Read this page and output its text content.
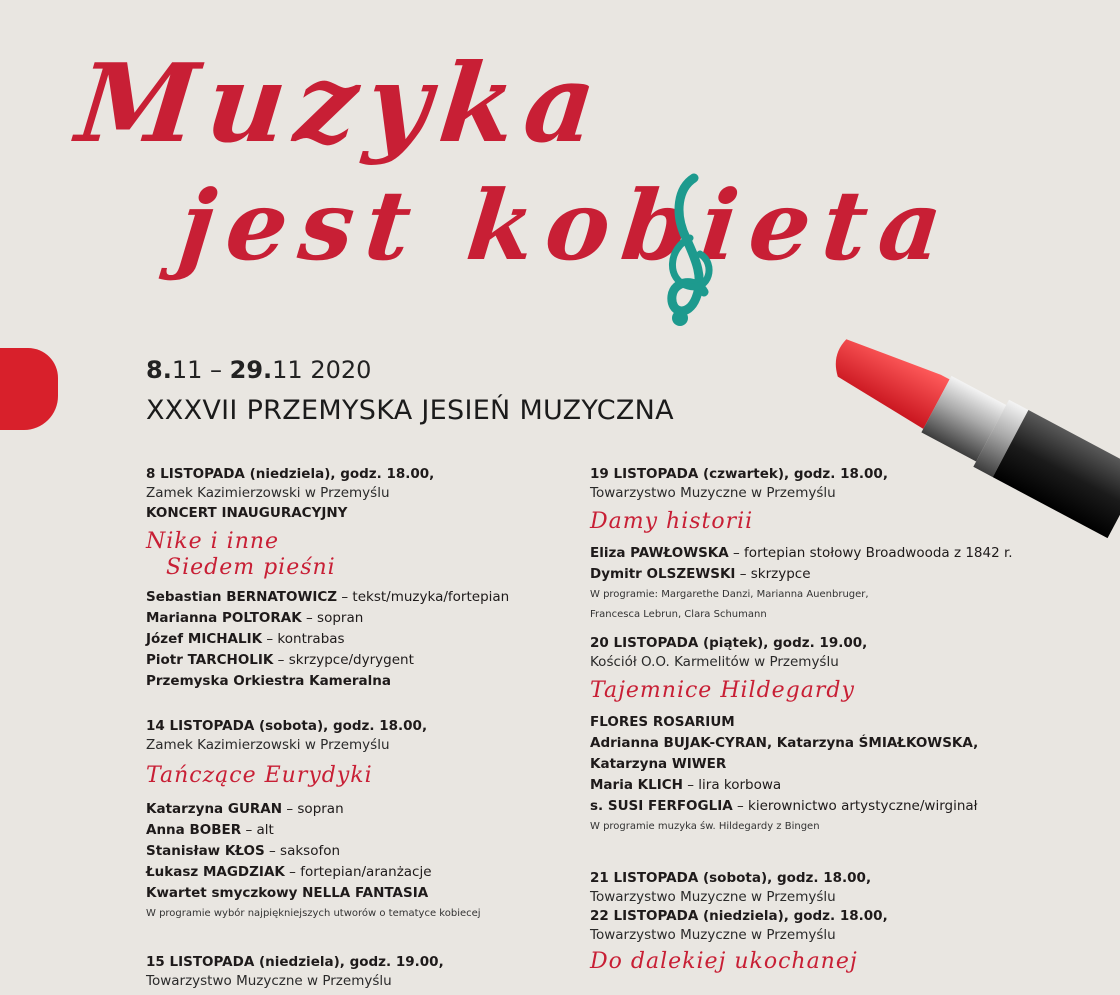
Muzyka
jest kobieta
8.11 – 29.11 2020
XXXVII PRZEMYSKA JESIEŃ MUZYCZNA
8 LISTOPADA (niedziela), godz. 18.00,
Zamek Kazimierzowski w Przemyślu
KONCERT INAUGURACYJNY
Nike i inne
Siedem pieśni
Sebastian BERNATOWICZ – tekst/muzyka/fortepian
Marianna POLTORAK – sopran
Józef MICHALIK – kontrabas
Piotr TARCHOLIK – skrzypce/dyrygent
Przemyska Orkiestra Kameralna
14 LISTOPADA (sobota), godz. 18.00,
Zamek Kazimierzowski w Przemyślu
Tańczące Eurydyki
Katarzyna GURAN – sopran
Anna BOBER – alt
Stanisław KŁOS – saksofon
Łukasz MAGDZIAK – fortepian/aranżacje
Kwartet smyczkowy NELLA FANTASIA
W programie wybór najpiękniejszych utworów o tematyce kobiecej
15 LISTOPADA (niedziela), godz. 19.00,
Towarzystwo Muzyczne w Przemyślu
19 LISTOPADA (czwartek), godz. 18.00,
Towarzystwo Muzyczne w Przemyślu
Damy historii
Eliza PAWŁOWSKA – fortepian stołowy Broadwooda z 1842 r.
Dymitr OLSZEWSKI – skrzypce
W programie: Margarethe Danzi, Marianna Auenbruger,
Francesca Lebrun, Clara Schumann
20 LISTOPADA (piątek), godz. 19.00,
Kościół O.O. Karmelitów w Przemyślu
Tajemnice Hildegardy
FLORES ROSARIUM
Adrianna BUJAK-CYRAN, Katarzyna ŚMIAŁKOWSKA,
Katarzyna WIWER
Maria KLICH – lira korbowa
s. SUSI FERFOGLIA – kierownictwo artystyczne/wirginał
W programie muzyka św. Hildegardy z Bingen
21 LISTOPADA (sobota), godz. 18.00,
Towarzystwo Muzyczne w Przemyślu
22 LISTOPADA (niedziela), godz. 18.00,
Towarzystwo Muzyczne w Przemyślu
Do dalekiej ukochanej
